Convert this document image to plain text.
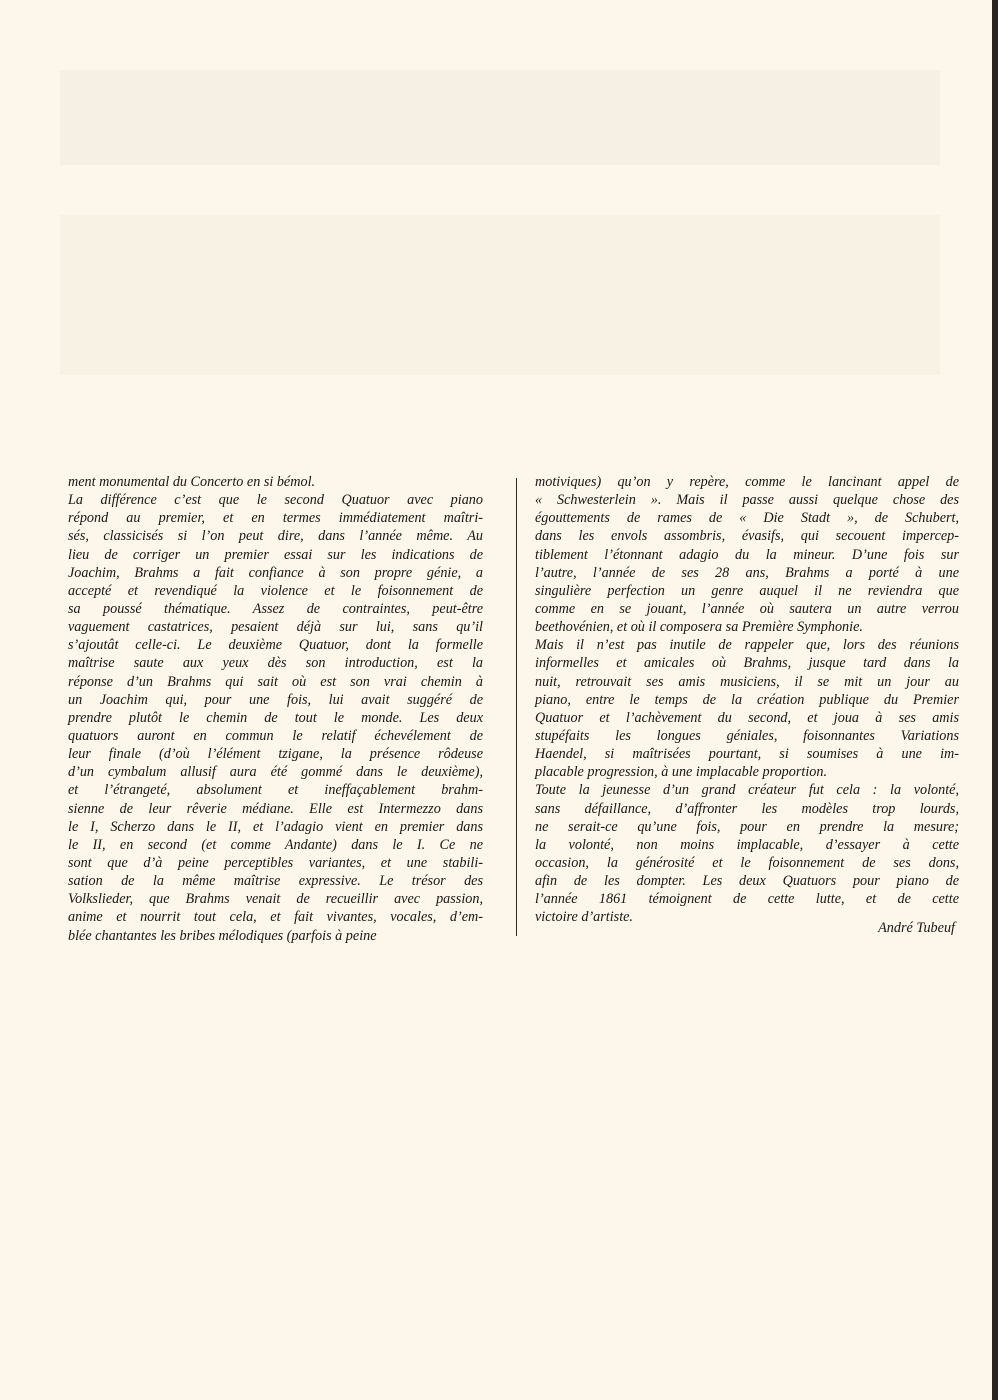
ment monumental du Concerto en si bémol.
La différence c’est que le second Quatuor avec piano
répond au premier, et en termes immédiatement maîtri-
sés, classicisés si l’on peut dire, dans l’année même. Au
lieu de corriger un premier essai sur les indications de
Joachim, Brahms a fait confiance à son propre génie, a
accepté et revendiqué la violence et le foisonnement de
sa poussé thématique. Assez de contraintes, peut-être
vaguement castatrices, pesaient déjà sur lui, sans qu’il
s’ajoutât celle-ci. Le deuxième Quatuor, dont la formelle
maîtrise saute aux yeux dès son introduction, est la
réponse d’un Brahms qui sait où est son vrai chemin à
un Joachim qui, pour une fois, lui avait suggéré de
prendre plutôt le chemin de tout le monde. Les deux
quatuors auront en commun le relatif échevélement de
leur finale (d’où l’élément tzigane, la présence rôdeuse
d’un cymbalum allusif aura été gommé dans le deuxième),
et l’étrangeté, absolument et ineffaçablement brahm-
sienne de leur rêverie médiane. Elle est Intermezzo dans
le I, Scherzo dans le II, et l’adagio vient en premier dans
le II, en second (et comme Andante) dans le I. Ce ne
sont que d’à peine perceptibles variantes, et une stabili-
sation de la même maîtrise expressive. Le trésor des
Volkslieder, que Brahms venait de recueillir avec passion,
anime et nourrit tout cela, et fait vivantes, vocales, d’em-
blée chantantes les bribes mélodiques (parfois à peine
motiviques) qu’on y repère, comme le lancinant appel de
« Schwesterlein ». Mais il passe aussi quelque chose des
égouttements de rames de « Die Stadt », de Schubert,
dans les envols assombris, évasifs, qui secouent impercep-
tiblement l’étonnant adagio du la mineur. D’une fois sur
l’autre, l’année de ses 28 ans, Brahms a porté à une
singulière perfection un genre auquel il ne reviendra que
comme en se jouant, l’année où sautera un autre verrou
beethovénien, et où il composera sa Première Symphonie.
Mais il n’est pas inutile de rappeler que, lors des réunions
informelles et amicales où Brahms, jusque tard dans la
nuit, retrouvait ses amis musiciens, il se mit un jour au
piano, entre le temps de la création publique du Premier
Quatuor et l’achèvement du second, et joua à ses amis
stupéfaits les longues géniales, foisonnantes Variations
Haendel, si maîtrisées pourtant, si soumises à une im-
placable progression, à une implacable proportion.
Toute la jeunesse d’un grand créateur fut cela : la volonté,
sans défaillance, d’affronter les modèles trop lourds,
ne serait-ce qu’une fois, pour en prendre la mesure;
la volonté, non moins implacable, d’essayer à cette
occasion, la générosité et le foisonnement de ses dons,
afin de les dompter. Les deux Quatuors pour piano de
l’année 1861 témoignent de cette lutte, et de cette
victoire d’artiste.
André Tubeuf
